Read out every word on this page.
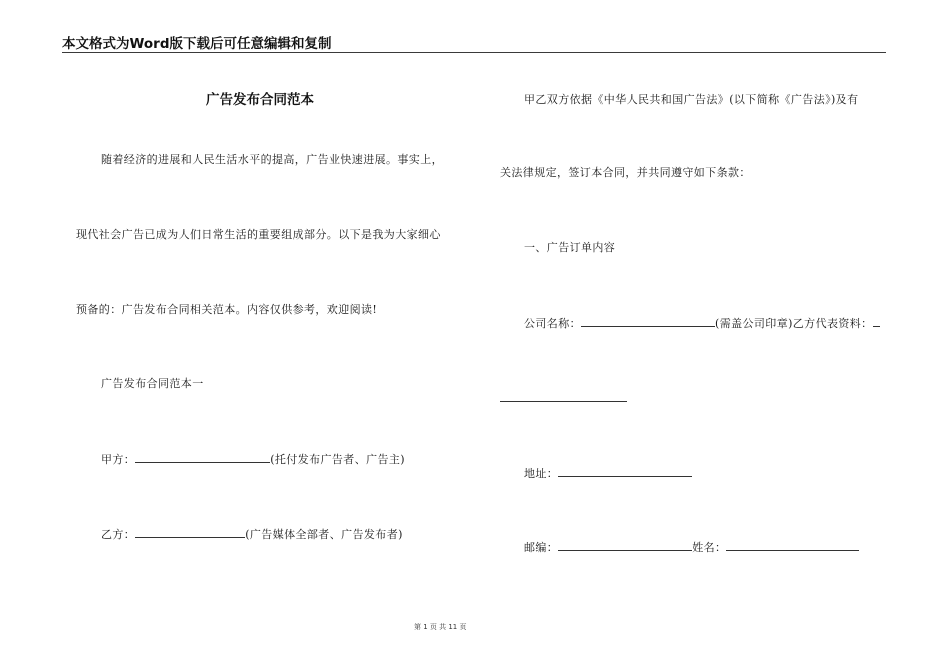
本文格式为Word版下载后可任意编辑和复制
广告发布合同范本
随着经济的进展和人民生活水平的提高，广告业快速进展。事实上，
现代社会广告已成为人们日常生活的重要组成部分。以下是我为大家细心
预备的：广告发布合同相关范本。内容仅供参考，欢迎阅读!
广告发布合同范本一
甲方：	(托付发布广告者、广告主)
乙方：	(广告媒体全部者、广告发布者)
甲乙双方依据《中华人民共和国广告法》(以下简称《广告法》)及有
关法律规定，签订本合同，并共同遵守如下条款：
一、广告订单内容
公司名称：	(需盖公司印章)乙方代表资料：
地址：
邮编：	姓名：
第 1 页 共 11 页
